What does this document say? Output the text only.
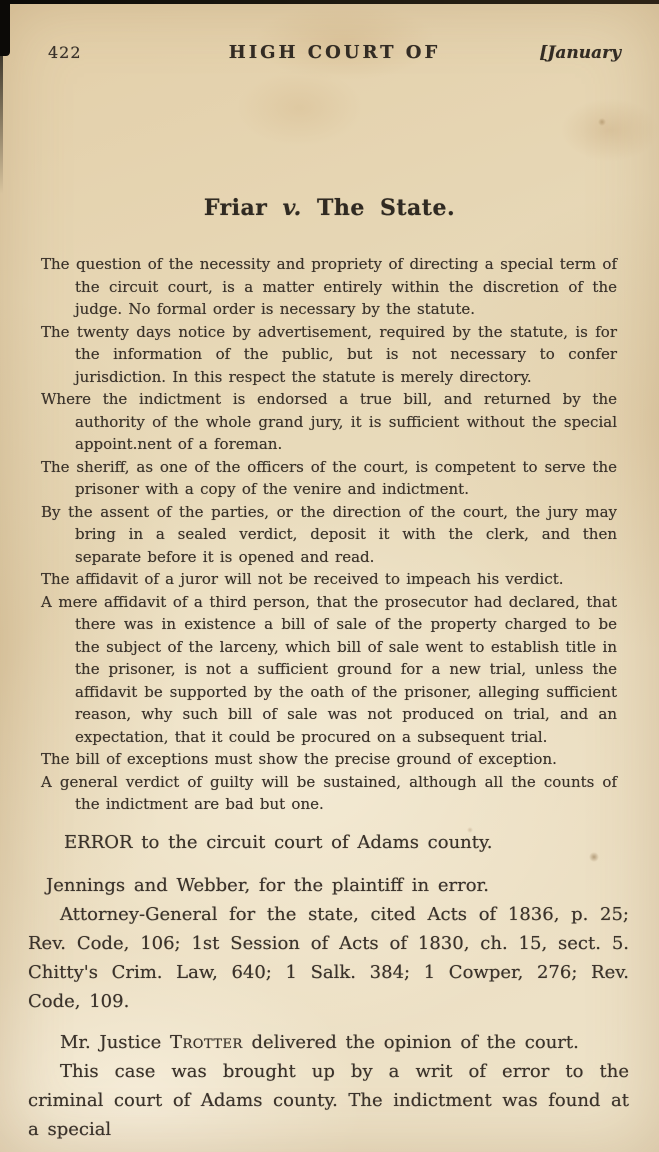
422	HIGH COURT OF	[January
Friar v. The State.

The question of the necessity and propriety of directing a special term of the circuit court, is a matter entirely within the discretion of the judge. No formal order is necessary by the statute.

The twenty days notice by advertisement, required by the statute, is for the information of the public, but is not necessary to confer jurisdiction. In this respect the statute is merely directory.

Where the indictment is endorsed a true bill, and returned by the authority of the whole grand jury, it is sufficient without the special appoint.nent of a foreman.

The sheriff, as one of the officers of the court, is competent to serve the prisoner with a copy of the venire and indictment.

By the assent of the parties, or the direction of the court, the jury may bring in a sealed verdict, deposit it with the clerk, and then separate before it is opened and read.

The affidavit of a juror will not be received to impeach his verdict.

A mere affidavit of a third person, that the prosecutor had declared, that there was in existence a bill of sale of the property charged to be the subject of the larceny, which bill of sale went to establish title in the prisoner, is not a sufficient ground for a new trial, unless the affidavit be supported by the oath of the prisoner, alleging sufficient reason, why such bill of sale was not produced on trial, and an expectation, that it could be procured on a subsequent trial.

The bill of exceptions must show the precise ground of exception.

A general verdict of guilty will be sustained, although all the counts of the indictment are bad but one.

ERROR to the circuit court of Adams county.

Jennings and Webber, for the plaintiff in error.

Attorney-General for the state, cited Acts of 1836, p. 25; Rev. Code, 106; 1st Session of Acts of 1830, ch. 15, sect. 5. Chitty's Crim. Law, 640; 1 Salk. 384; 1 Cowper, 276; Rev. Code, 109.

Mr. Justice Trotter delivered the opinion of the court.

This case was brought up by a writ of error to the criminal court of Adams county. The indictment was found at a special
